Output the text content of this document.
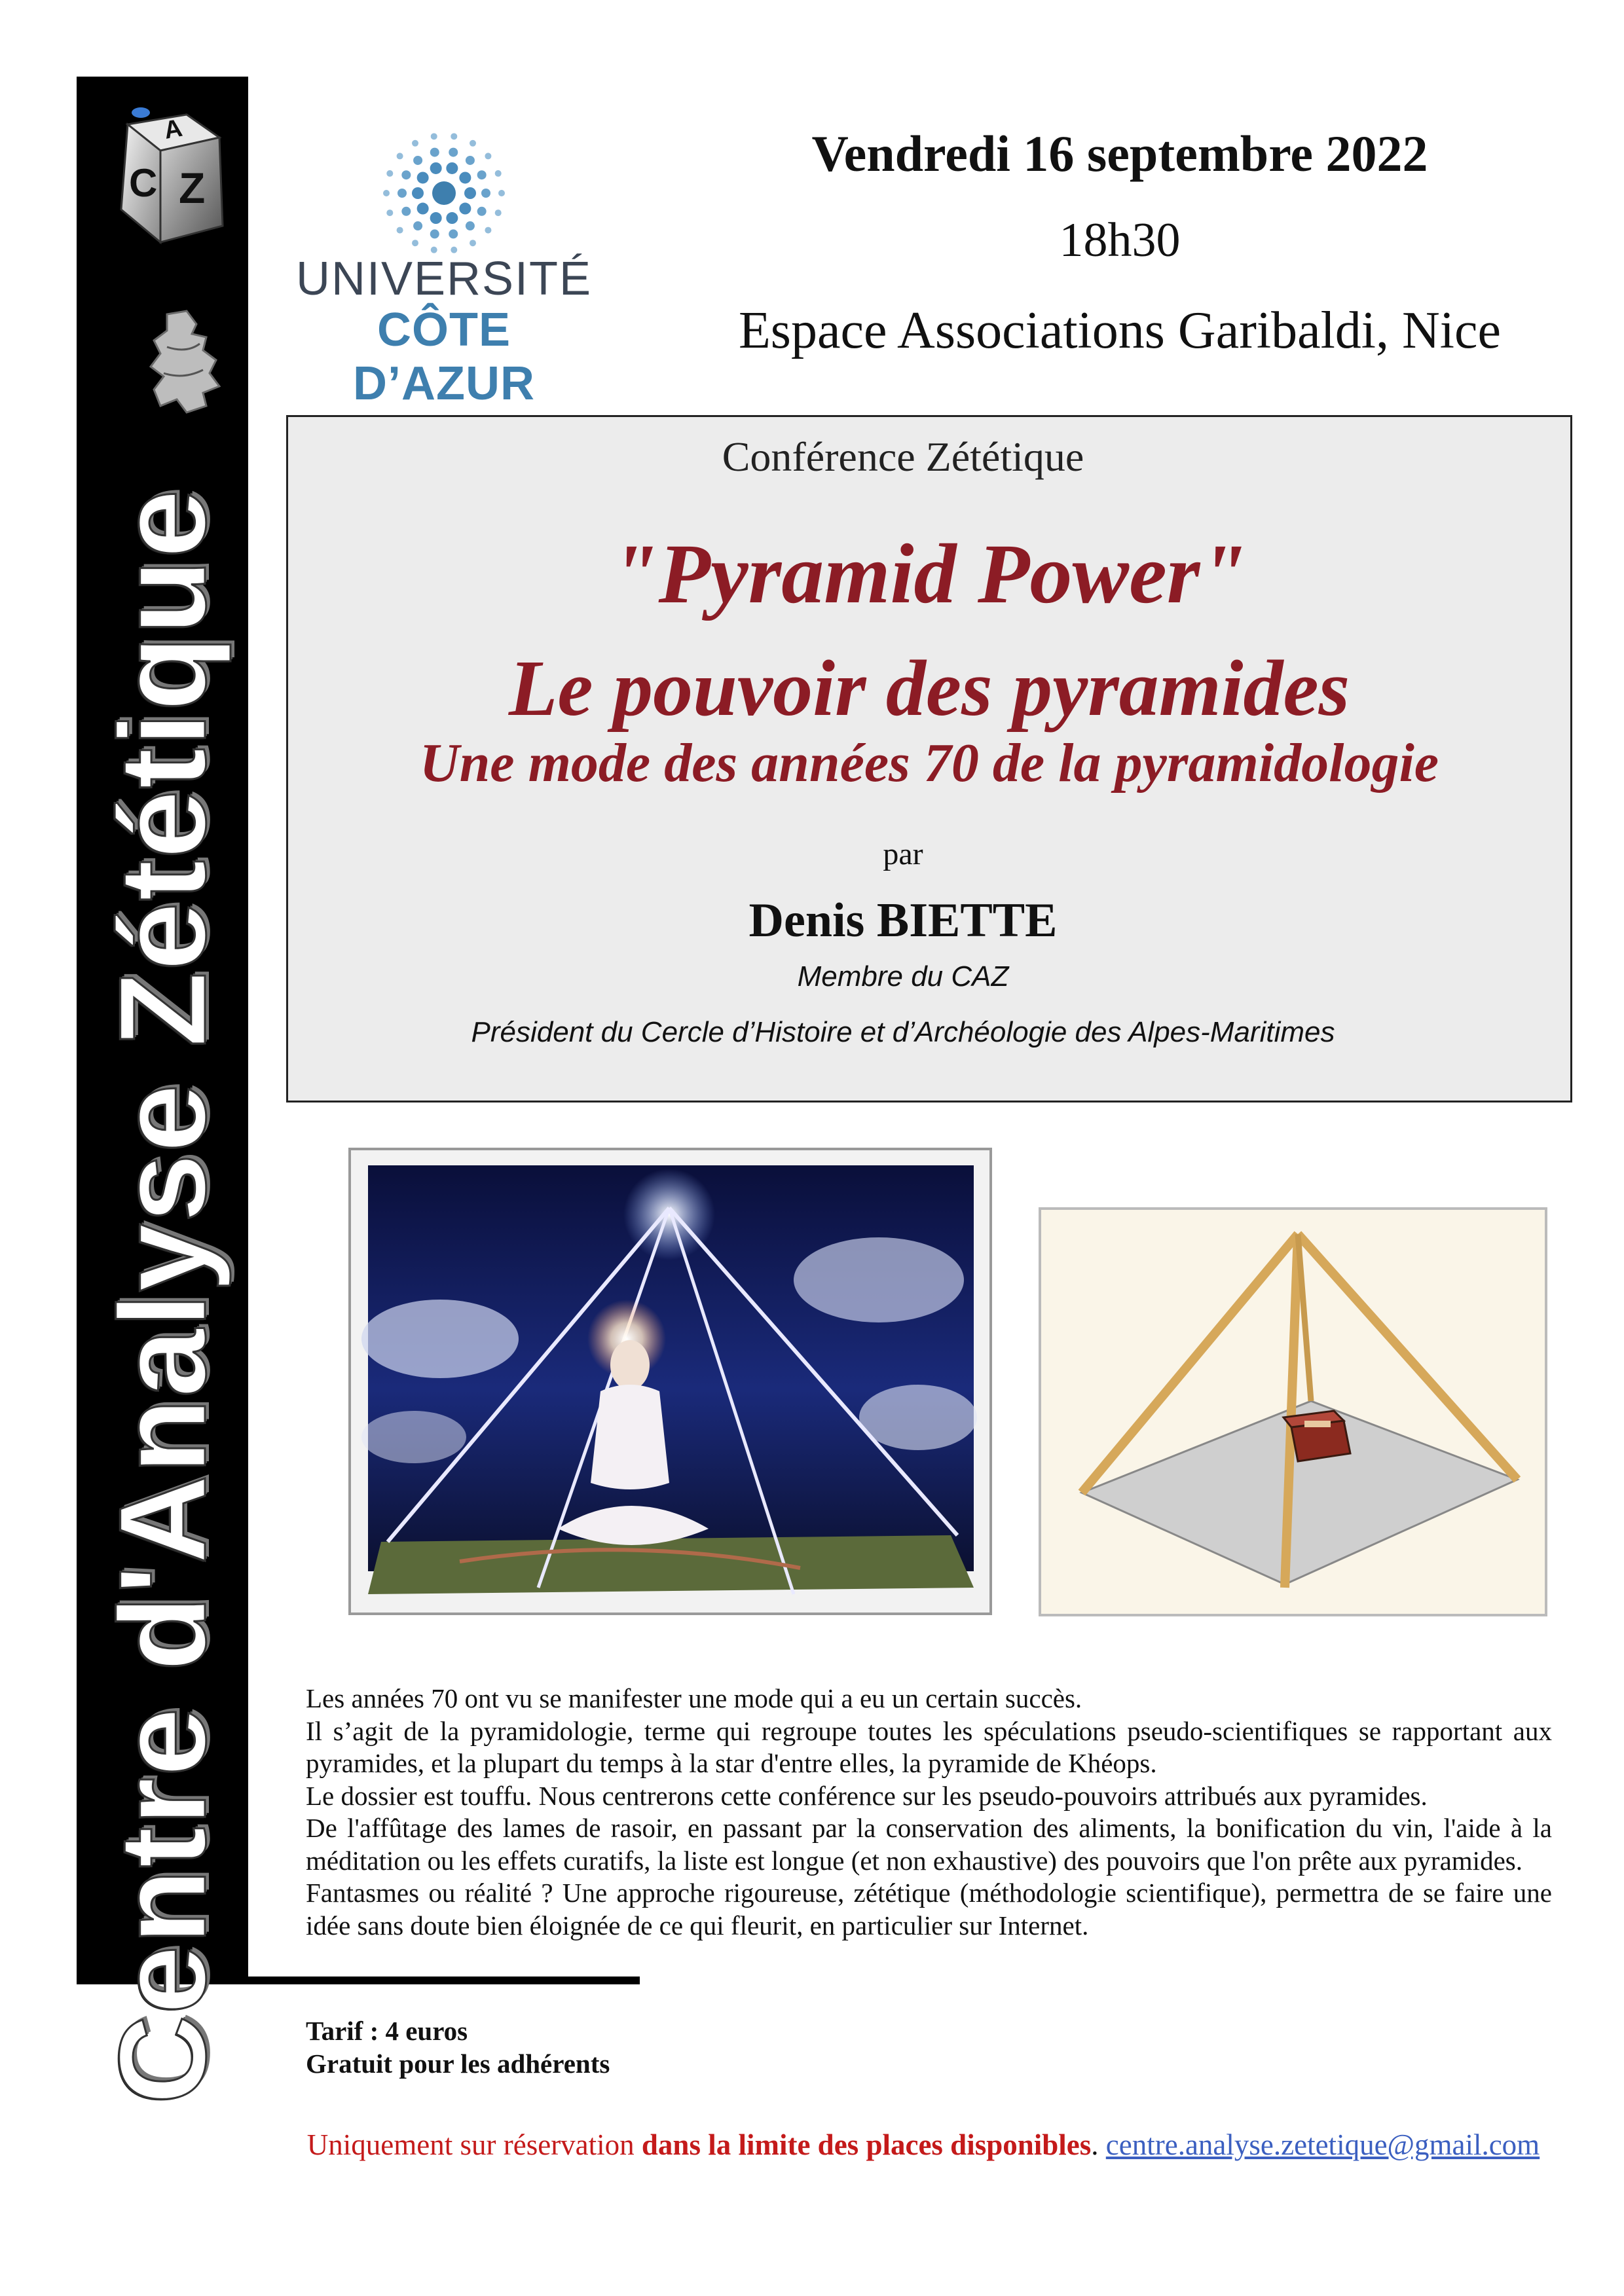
A
C Z
Centre d'Analyse Zététique
UNIVERSITÉ
CÔTE D’AZUR
Vendredi 16 septembre 2022
18h30
Espace Associations Garibaldi, Nice
Conférence Zététique
"Pyramid Power"
Le pouvoir des pyramides
Une mode des années 70 de la pyramidologie
par
Denis BIETTE
Membre du CAZ
Président du Cercle d’Histoire et d’Archéologie des Alpes-Maritimes

Les années 70 ont vu se manifester une mode qui a eu un certain succès.

Il s’agit de la pyramidologie, terme qui regroupe toutes les spéculations pseudo-scientifiques se rapportant aux pyramides, et la plupart du temps à la star d'entre elles, la pyramide de Khéops.

Le dossier est touffu. Nous centrerons cette conférence sur les pseudo-pouvoirs attribués aux pyramides.

De l'affûtage des lames de rasoir, en passant par la conservation des aliments, la bonification du vin, l'aide à la méditation ou les effets curatifs, la liste est longue (et non exhaustive) des pouvoirs que l'on prête aux pyramides.

Fantasmes ou réalité ? Une approche rigoureuse, zététique (méthodologie scientifique), permettra de se faire une idée sans doute bien éloignée de ce qui fleurit, en particulier sur Internet.

Tarif : 4 euros
Gratuit pour les adhérents
Uniquement sur réservation dans la limite des places disponibles. centre.analyse.zetetique@gmail.com
